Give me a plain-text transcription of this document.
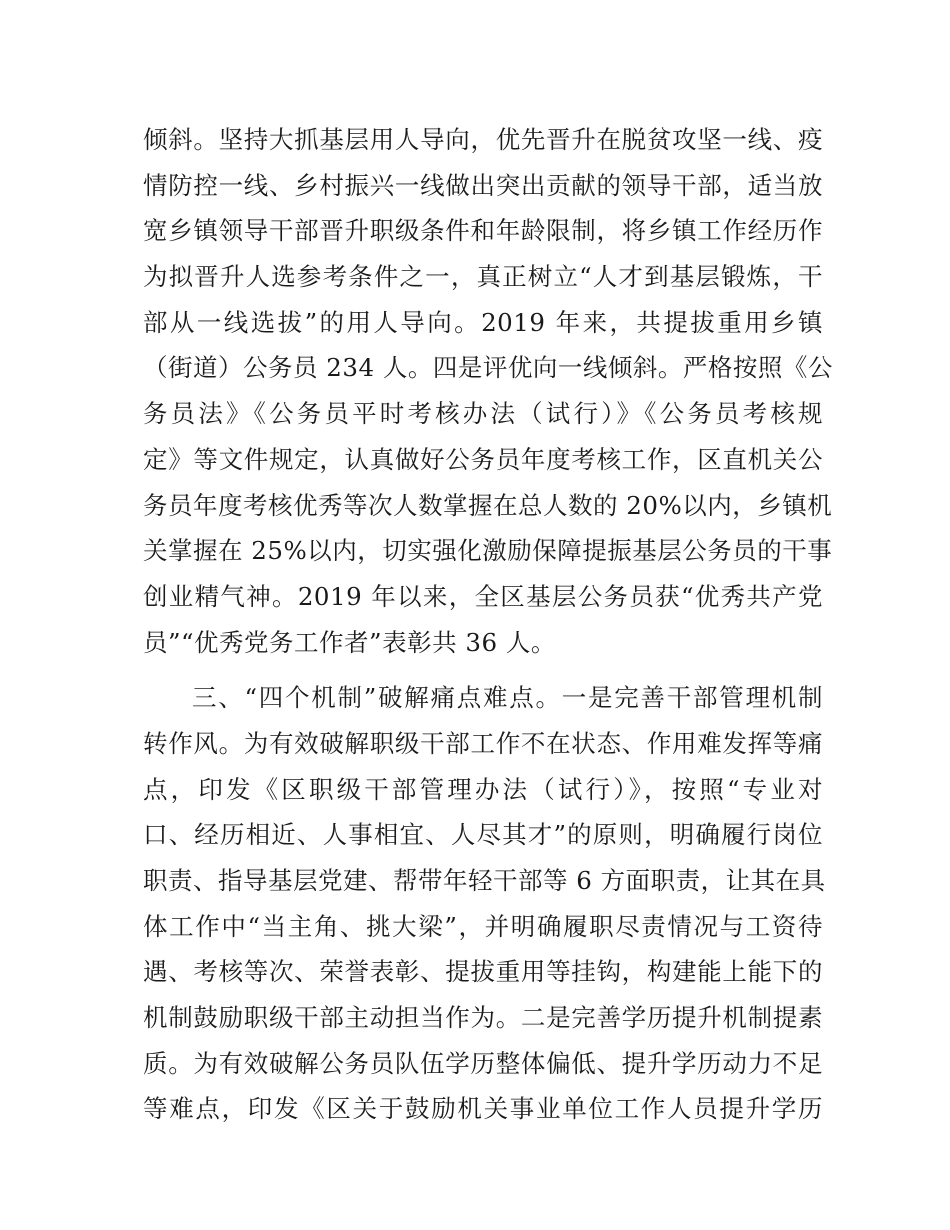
倾斜。坚持大抓基层用人导向，优先晋升在脱贫攻坚一线、疫
情防控一线、乡村振兴一线做出突出贡献的领导干部，适当放
宽乡镇领导干部晋升职级条件和年龄限制，将乡镇工作经历作
为拟晋升人选参考条件之一，真正树立“人才到基层锻炼，干
部从一线选拔”的用人导向。2019 年来，共提拔重用乡镇
（街道）公务员 234 人。四是评优向一线倾斜。严格按照《公
务员法》《公务员平时考核办法（试行）》《公务员考核规
定》等文件规定，认真做好公务员年度考核工作，区直机关公
务员年度考核优秀等次人数掌握在总人数的 20%以内，乡镇机
关掌握在 25%以内，切实强化激励保障提振基层公务员的干事
创业精气神。2019 年以来，全区基层公务员获“优秀共产党
员”“优秀党务工作者”表彰共 36 人。
三、“四个机制”破解痛点难点。一是完善干部管理机制
转作风。为有效破解职级干部工作不在状态、作用难发挥等痛
点，印发《区职级干部管理办法（试行）》，按照“专业对
口、经历相近、人事相宜、人尽其才”的原则，明确履行岗位
职责、指导基层党建、帮带年轻干部等 6 方面职责，让其在具
体工作中“当主角、挑大梁”，并明确履职尽责情况与工资待
遇、考核等次、荣誉表彰、提拔重用等挂钩，构建能上能下的
机制鼓励职级干部主动担当作为。二是完善学历提升机制提素
质。为有效破解公务员队伍学历整体偏低、提升学历动力不足
等难点，印发《区关于鼓励机关事业单位工作人员提升学历
